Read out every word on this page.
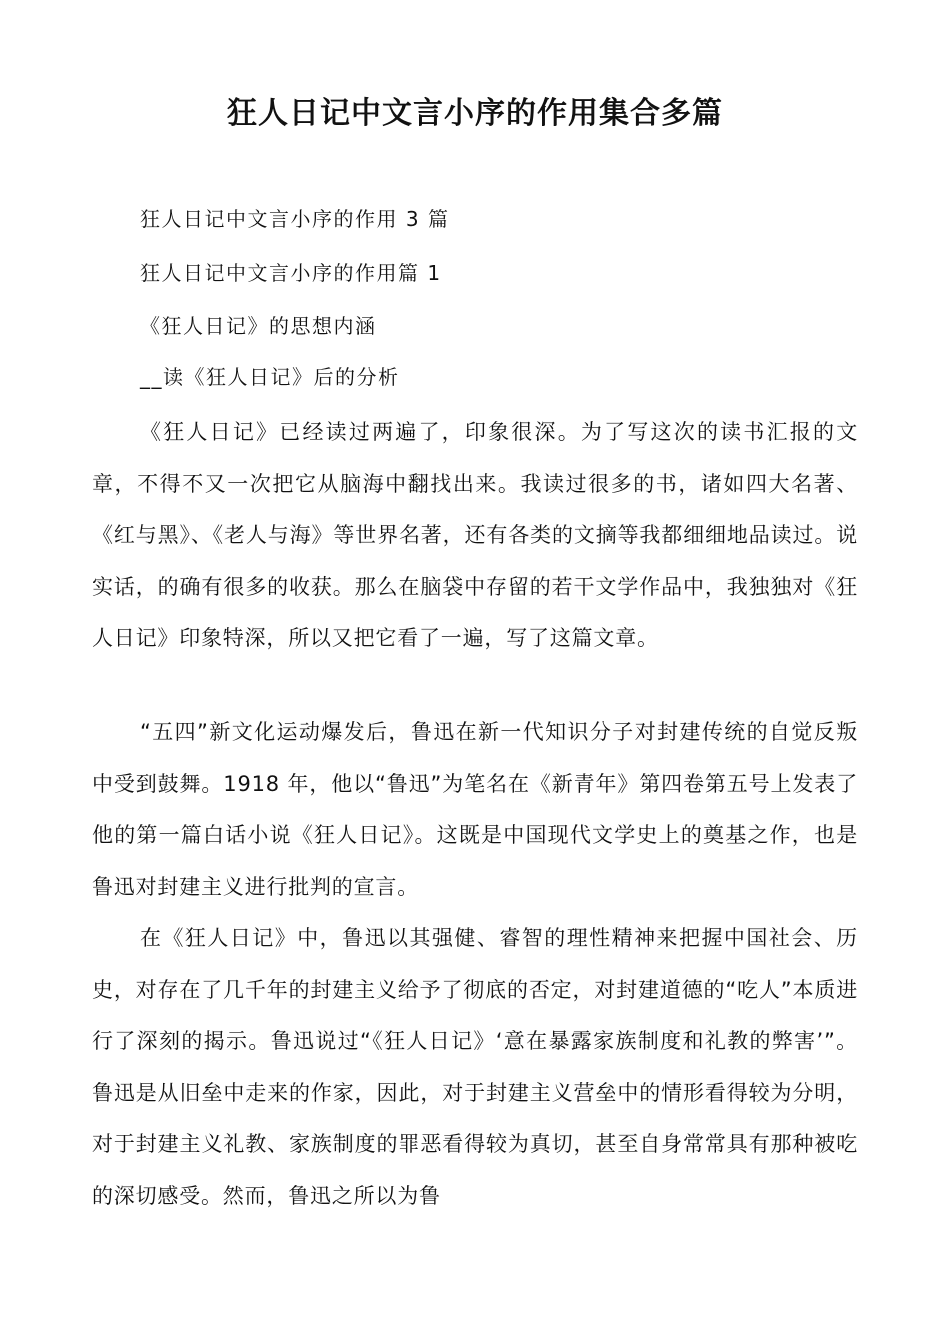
狂人日记中文言小序的作用集合多篇
狂人日记中文言小序的作用 3 篇
狂人日记中文言小序的作用篇 1
《狂人日记》的思想内涵
__读《狂人日记》后的分析

《狂人日记》已经读过两遍了，印象很深。为了写这次的读书汇报的文章，不得不又一次把它从脑海中翻找出来。我读过很多的书，诸如四大名著、《红与黑》、《老人与海》等世界名著，还有各类的文摘等我都细细地品读过。说实话，的确有很多的收获。那么在脑袋中存留的若干文学作品中，我独独对《狂人日记》印象特深，所以又把它看了一遍，写了这篇文章。

“五四”新文化运动爆发后，鲁迅在新一代知识分子对封建传统的自觉反叛中受到鼓舞。1918 年，他以“鲁迅”为笔名在《新青年》第四卷第五号上发表了他的第一篇白话小说《狂人日记》。这既是中国现代文学史上的奠基之作，也是鲁迅对封建主义进行批判的宣言。

在《狂人日记》中，鲁迅以其强健、睿智的理性精神来把握中国社会、历史，对存在了几千年的封建主义给予了彻底的否定，对封建道德的“吃人”本质进行了深刻的揭示。鲁迅说过“《狂人日记》‘意在暴露家族制度和礼教的弊害’”。鲁迅是从旧垒中走来的作家，因此，对于封建主义营垒中的情形看得较为分明，对于封建主义礼教、家族制度的罪恶看得较为真切，甚至自身常常具有那种被吃的深切感受。然而，鲁迅之所以为鲁
